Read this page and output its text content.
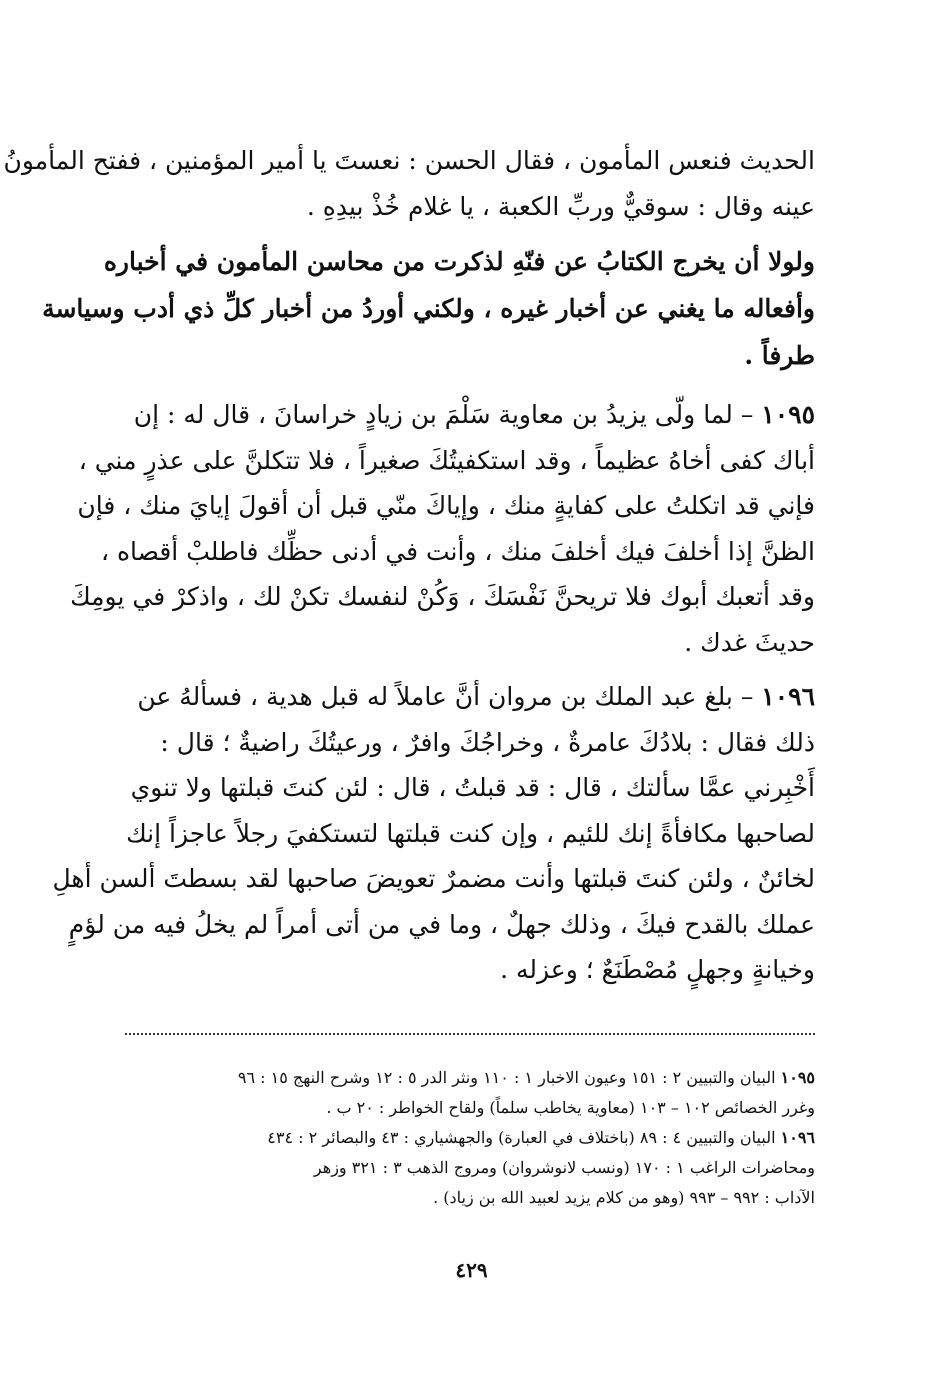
الحديث فنعس المأمون ، فقال الحسن : نعستَ يا أمير المؤمنين ، ففتح المأمونُ
عينه وقال : سوقيٌّ وربِّ الكعبة ، يا غلام خُذْ بيدِهِ .
ولولا أن يخرج الكتابُ عن فنّهِ لذكرت من محاسن المأمون في أخباره
وأفعاله ما يغني عن أخبار غيره ، ولكني أوردُ من أخبار كلِّ ذي أدب وسياسة
طرفاً .
١٠٩٥ – لما ولّى يزيدُ بن معاوية سَلْمَ بن زيادٍ خراسانَ ، قال له : إن
أباك كفى أخاهُ عظيماً ، وقد استكفيتُكَ صغيراً ، فلا تتكلنَّ على عذرٍ مني ،
فإني قد اتكلتُ على كفايةٍ منك ، وإياكَ منّي قبل أن أقولَ إيايَ منك ، فإن
الظنَّ إذا أخلفَ فيك أخلفَ منك ، وأنت في أدنى حظِّك فاطلبْ أقصاه ،
وقد أتعبك أبوك فلا تريحنَّ نَفْسَكَ ، وَكُنْ لنفسك تكنْ لك ، واذكرْ في يومِكَ
حديثَ غدك .
١٠٩٦ – بلغ عبد الملك بن مروان أنَّ عاملاً له قبل هدية ، فسألهُ عن
ذلك فقال : بلادُكَ عامرةٌ ، وخراجُكَ وافرٌ ، ورعيتُكَ راضيةٌ ؛ قال :
أَخْبِرني عمَّا سألتك ، قال : قد قبلتُ ، قال : لئن كنتَ قبلتها ولا تنوي
لصاحبها مكافأةً إنك للئيم ، وإن كنت قبلتها لتستكفيَ رجلاً عاجزاً إنك
لخائنٌ ، ولئن كنتَ قبلتها وأنت مضمرٌ تعويضَ صاحبها لقد بسطتَ ألسن أهلِ
عملك بالقدح فيكَ ، وذلك جهلٌ ، وما في من أتى أمراً لم يخلُ فيه من لؤمٍ
وخيانةٍ وجهلٍ مُصْطَنَعٌ ؛ وعزله .
١٠٩٥ البيان والتبيين ٢ : ١٥١ وعيون الاخبار ١ : ١١٠ ونثر الدر ٥ : ١٢ وشرح النهج ١٥ : ٩٦
وغرر الخصائص ١٠٢ – ١٠٣ (معاوية يخاطب سلماً) ولقاح الخواطر : ٢٠ ب .
١٠٩٦ البيان والتبيين ٤ : ٨٩ (باختلاف في العبارة) والجهشياري : ٤٣ والبصائر ٢ : ٤٣٤
ومحاضرات الراغب ١ : ١٧٠ (ونسب لانوشروان) ومروج الذهب ٣ : ٣٢١ وزهر
الآداب : ٩٩٢ – ٩٩٣ (وهو من كلام يزيد لعبيد الله بن زياد) .
٤٢٩
